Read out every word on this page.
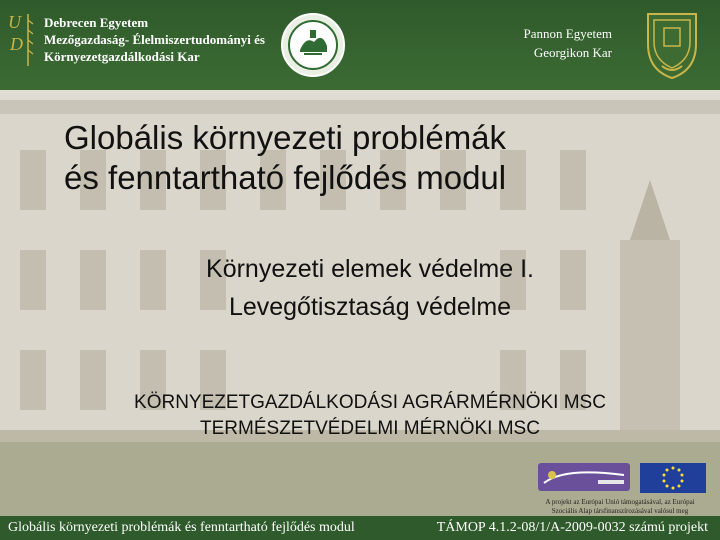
U
D
Debrecen Egyetem
Mezőgazdaság- Élelmiszertudományi és
Környezetgazdálkodási Kar
Pannon Egyetem
Georgikon Kar
Globális környezeti problémák
és fenntartható fejlődés modul
Környezeti elemek védelme I.
Levegőtisztaság védelme
KÖRNYEZETGAZDÁLKODÁSI AGRÁRMÉRNÖKI MSC
TERMÉSZETVÉDELMI MÉRNÖKI MSC
A projekt az Európai Unió támogatásával, az Európai
Szociális Alap társfinanszírozásával valósul meg
Globális környezeti problémák és fenntartható fejlődés modul	TÁMOP 4.1.2-08/1/A-2009-0032 számú projekt
